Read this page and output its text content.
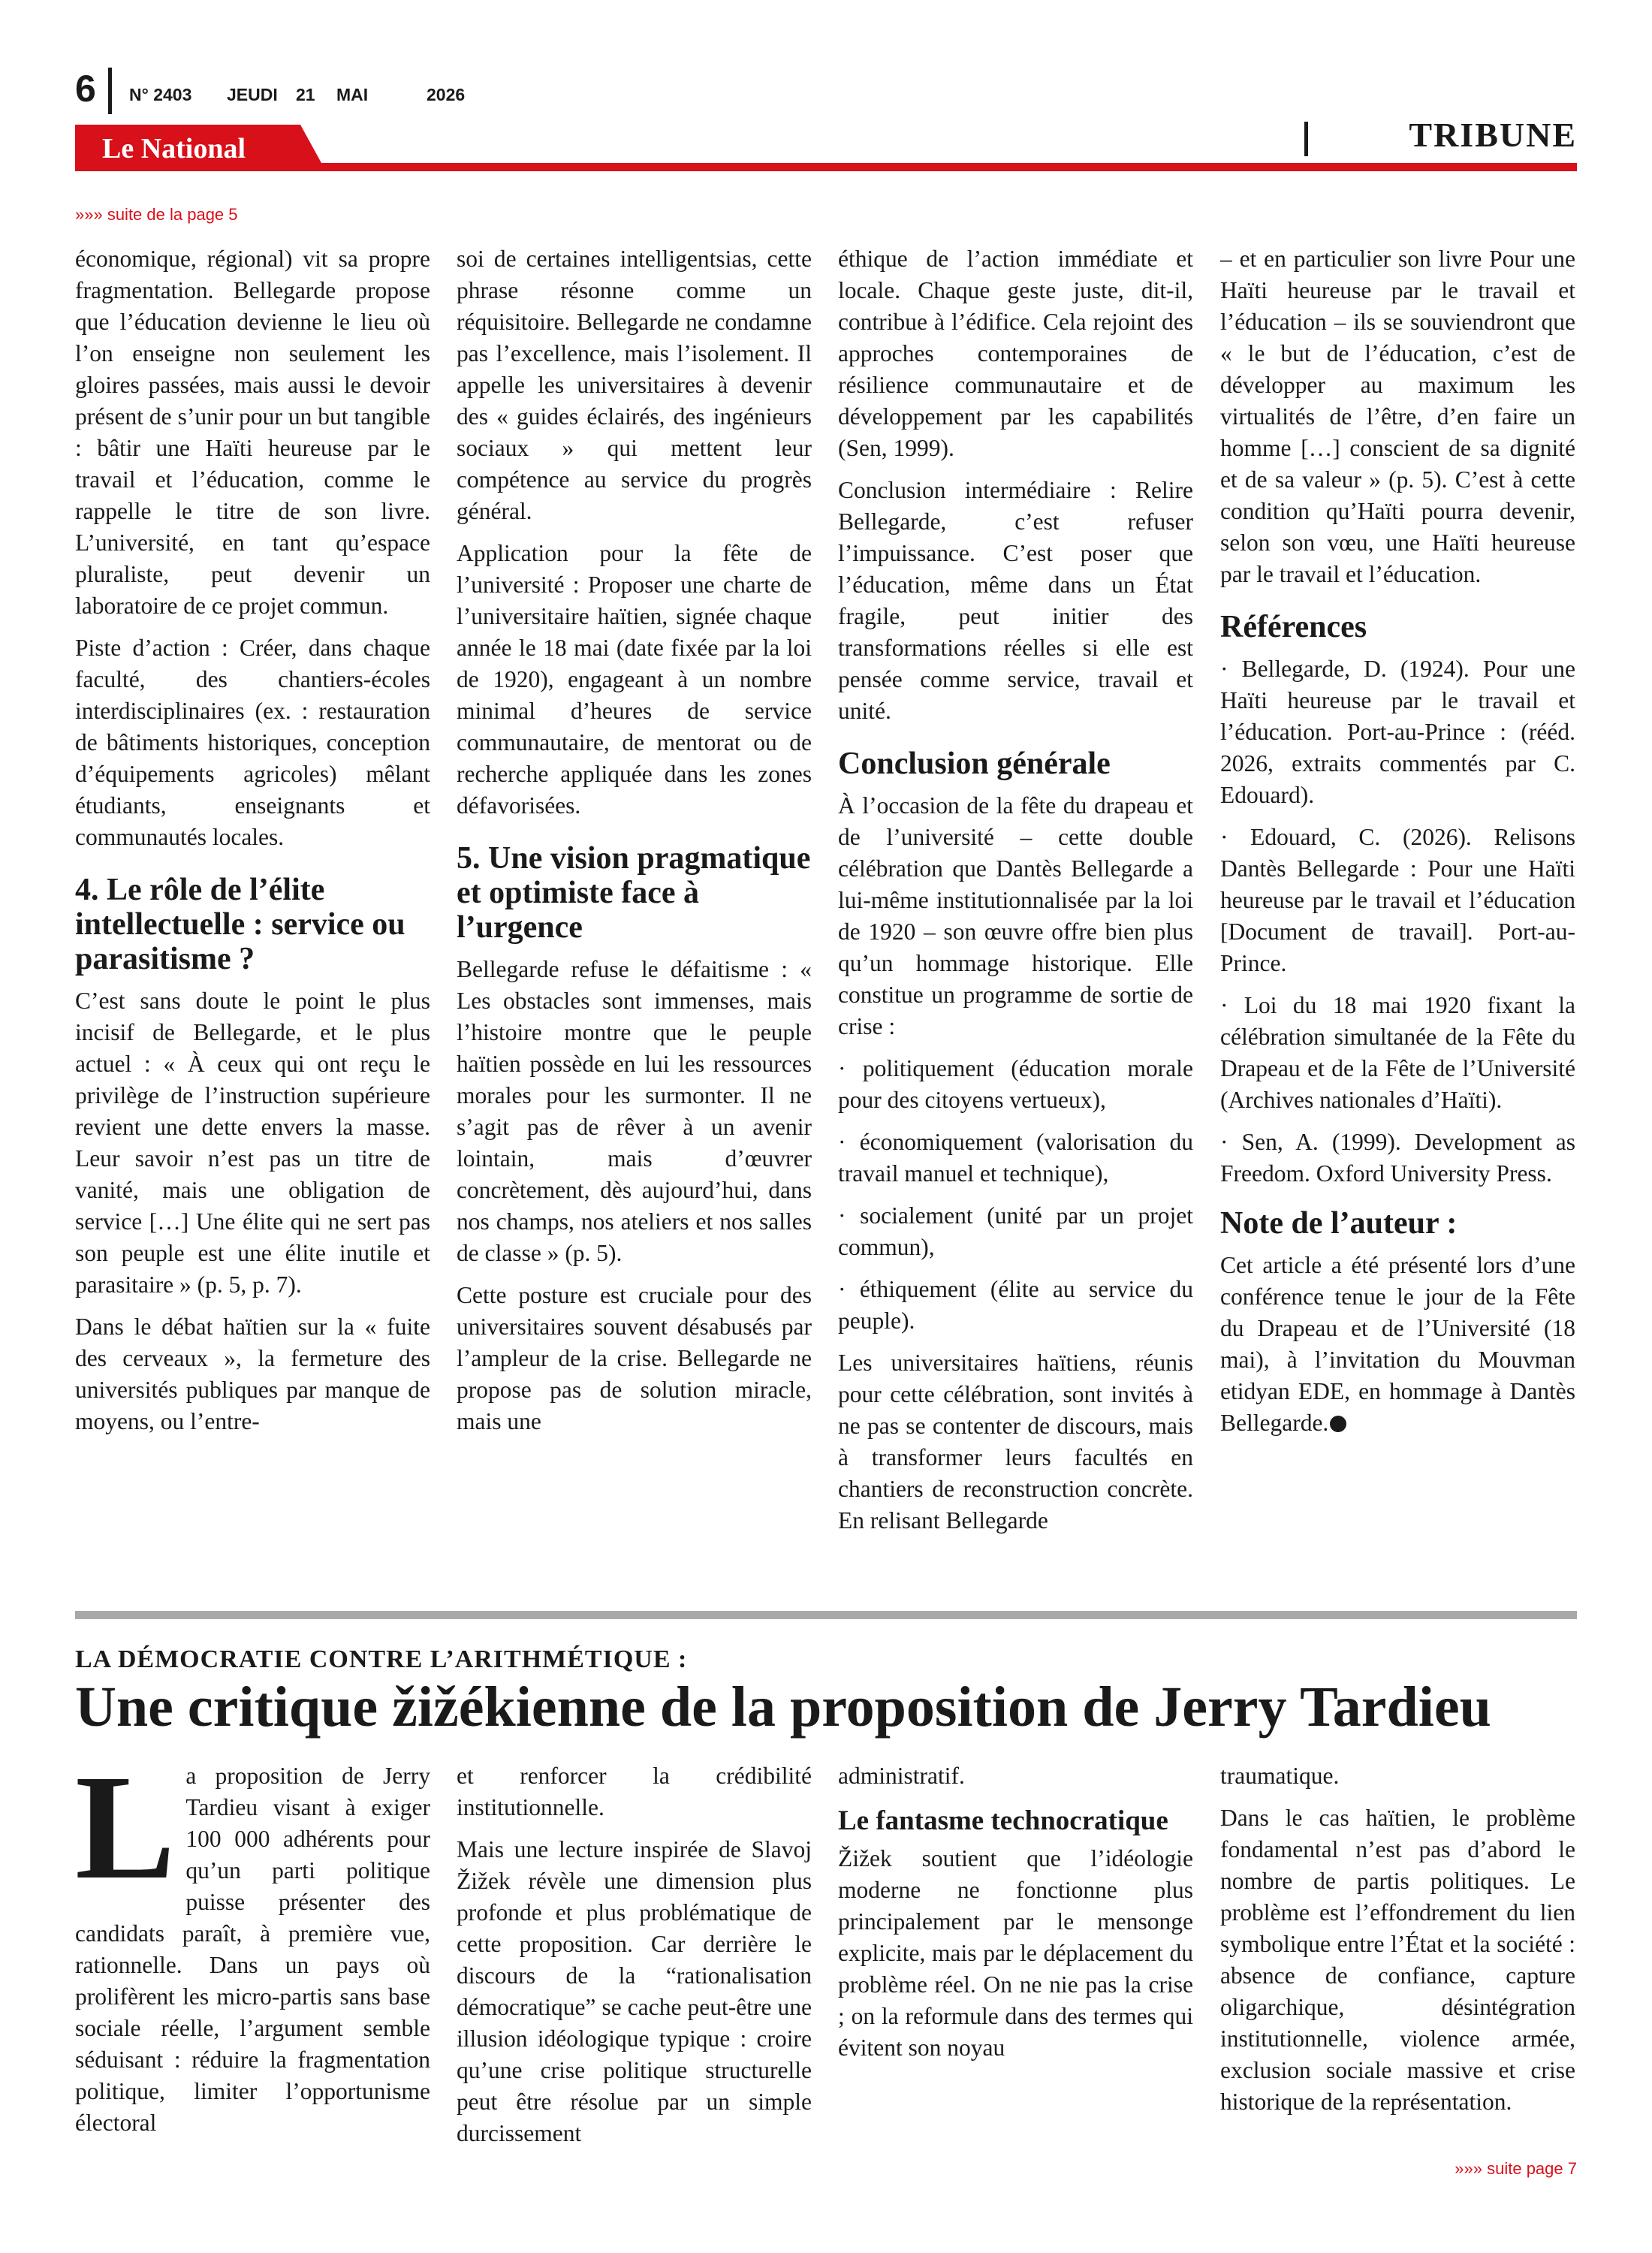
6 N° 2403 JEUDI 21 MAI	2026
Le National	TRIBUNE
»»» suite de la page 5

économique, régional) vit sa propre fragmentation. Bellegarde propose que l’éducation devienne le lieu où l’on enseigne non seulement les gloires passées, mais aussi le devoir présent de s’unir pour un but tangible : bâtir une Haïti heureuse par le travail et l’éducation, comme le rappelle le titre de son livre. L’université, en tant qu’espace pluraliste, peut devenir un laboratoire de ce projet commun.

Piste d’action : Créer, dans chaque faculté, des chantiers-écoles interdisciplinaires (ex. : restauration de bâtiments historiques, conception d’équipements agricoles) mêlant étudiants, enseignants et communautés locales.

4. Le rôle de l’élite intellectuelle : service ou parasitisme ?

C’est sans doute le point le plus incisif de Bellegarde, et le plus actuel : « À ceux qui ont reçu le privilège de l’instruction supérieure revient une dette envers la masse. Leur savoir n’est pas un titre de vanité, mais une obligation de service […] Une élite qui ne sert pas son peuple est une élite inutile et parasitaire » (p. 5, p. 7).

Dans le débat haïtien sur la « fuite des cerveaux », la fermeture des universités publiques par manque de moyens, ou l’entre-

soi de certaines intelligentsias, cette phrase résonne comme un réquisitoire. Bellegarde ne condamne pas l’excellence, mais l’isolement. Il appelle les universitaires à devenir des « guides éclairés, des ingénieurs sociaux » qui mettent leur compétence au service du progrès général.

Application pour la fête de l’université : Proposer une charte de l’universitaire haïtien, signée chaque année le 18 mai (date fixée par la loi de 1920), engageant à un nombre minimal d’heures de service communautaire, de mentorat ou de recherche appliquée dans les zones défavorisées.

5. Une vision pragmatique et optimiste face à l’urgence

Bellegarde refuse le défaitisme : « Les obstacles sont immenses, mais l’histoire montre que le peuple haïtien possède en lui les ressources morales pour les surmonter. Il ne s’agit pas de rêver à un avenir lointain, mais d’œuvrer concrètement, dès aujourd’hui, dans nos champs, nos ateliers et nos salles de classe » (p. 5).

Cette posture est cruciale pour des universitaires souvent désabusés par l’ampleur de la crise. Bellegarde ne propose pas de solution miracle, mais une

éthique de l’action immédiate et locale. Chaque geste juste, dit-il, contribue à l’édifice. Cela rejoint des approches contemporaines de résilience communautaire et de développement par les capabilités (Sen, 1999).

Conclusion intermédiaire : Relire Bellegarde, c’est refuser l’impuissance. C’est poser que l’éducation, même dans un État fragile, peut initier des transformations réelles si elle est pensée comme service, travail et unité.

Conclusion générale

À l’occasion de la fête du drapeau et de l’université – cette double célébration que Dantès Bellegarde a lui-même institutionnalisée par la loi de 1920 – son œuvre offre bien plus qu’un hommage historique. Elle constitue un programme de sortie de crise :

· politiquement (éducation morale pour des citoyens vertueux),

· économiquement (valorisation du travail manuel et technique),

· socialement (unité par un projet commun),

· éthiquement (élite au service du peuple).

Les universitaires haïtiens, réunis pour cette célébration, sont invités à ne pas se contenter de discours, mais à transformer leurs facultés en chantiers de reconstruction concrète. En relisant Bellegarde

– et en particulier son livre Pour une Haïti heureuse par le travail et l’éducation – ils se souviendront que « le but de l’éducation, c’est de développer au maximum les virtualités de l’être, d’en faire un homme […] conscient de sa dignité et de sa valeur » (p. 5). C’est à cette condition qu’Haïti pourra devenir, selon son vœu, une Haïti heureuse par le travail et l’éducation.

Références

· Bellegarde, D. (1924). Pour une Haïti heureuse par le travail et l’éducation. Port-au-Prince : (rééd. 2026, extraits commentés par C. Edouard).

· Edouard, C. (2026). Relisons Dantès Bellegarde : Pour une Haïti heureuse par le travail et l’éducation [Document de travail]. Port-au-Prince.

· Loi du 18 mai 1920 fixant la célébration simultanée de la Fête du Drapeau et de la Fête de l’Université (Archives nationales d’Haïti).

· Sen, A. (1999). Development as Freedom. Oxford University Press.

Note de l’auteur :

Cet article a été présenté lors d’une conférence tenue le jour de la Fête du Drapeau et de l’Université (18 mai), à l’invitation du Mouvman etidyan EDE, en hommage à Dantès Bellegarde.

LA DÉMOCRATIE CONTRE L’ARITHMÉTIQUE :
Une critique žižékienne de la proposition de Jerry Tardieu

La proposition de Jerry Tardieu visant à exiger 100 000 adhérents pour qu’un parti politique puisse présenter des candidats paraît, à première vue, rationnelle. Dans un pays où prolifèrent les micro-partis sans base sociale réelle, l’argument semble séduisant : réduire la fragmentation politique, limiter l’opportunisme électoral

et renforcer la crédibilité institutionnelle.

Mais une lecture inspirée de Slavoj Žižek révèle une dimension plus profonde et plus problématique de cette proposition. Car derrière le discours de la “rationalisation démocratique” se cache peut-être une illusion idéologique typique : croire qu’une crise politique structurelle peut être résolue par un simple durcissement

administratif.

Le fantasme technocratique

Žižek soutient que l’idéologie moderne ne fonctionne plus principalement par le mensonge explicite, mais par le déplacement du problème réel. On ne nie pas la crise ; on la reformule dans des termes qui évitent son noyau

traumatique.

Dans le cas haïtien, le problème fondamental n’est pas d’abord le nombre de partis politiques. Le problème est l’effondrement du lien symbolique entre l’État et la société : absence de confiance, capture oligarchique, désintégration institutionnelle, violence armée, exclusion sociale massive et crise historique de la représentation.

»»» suite page 7
